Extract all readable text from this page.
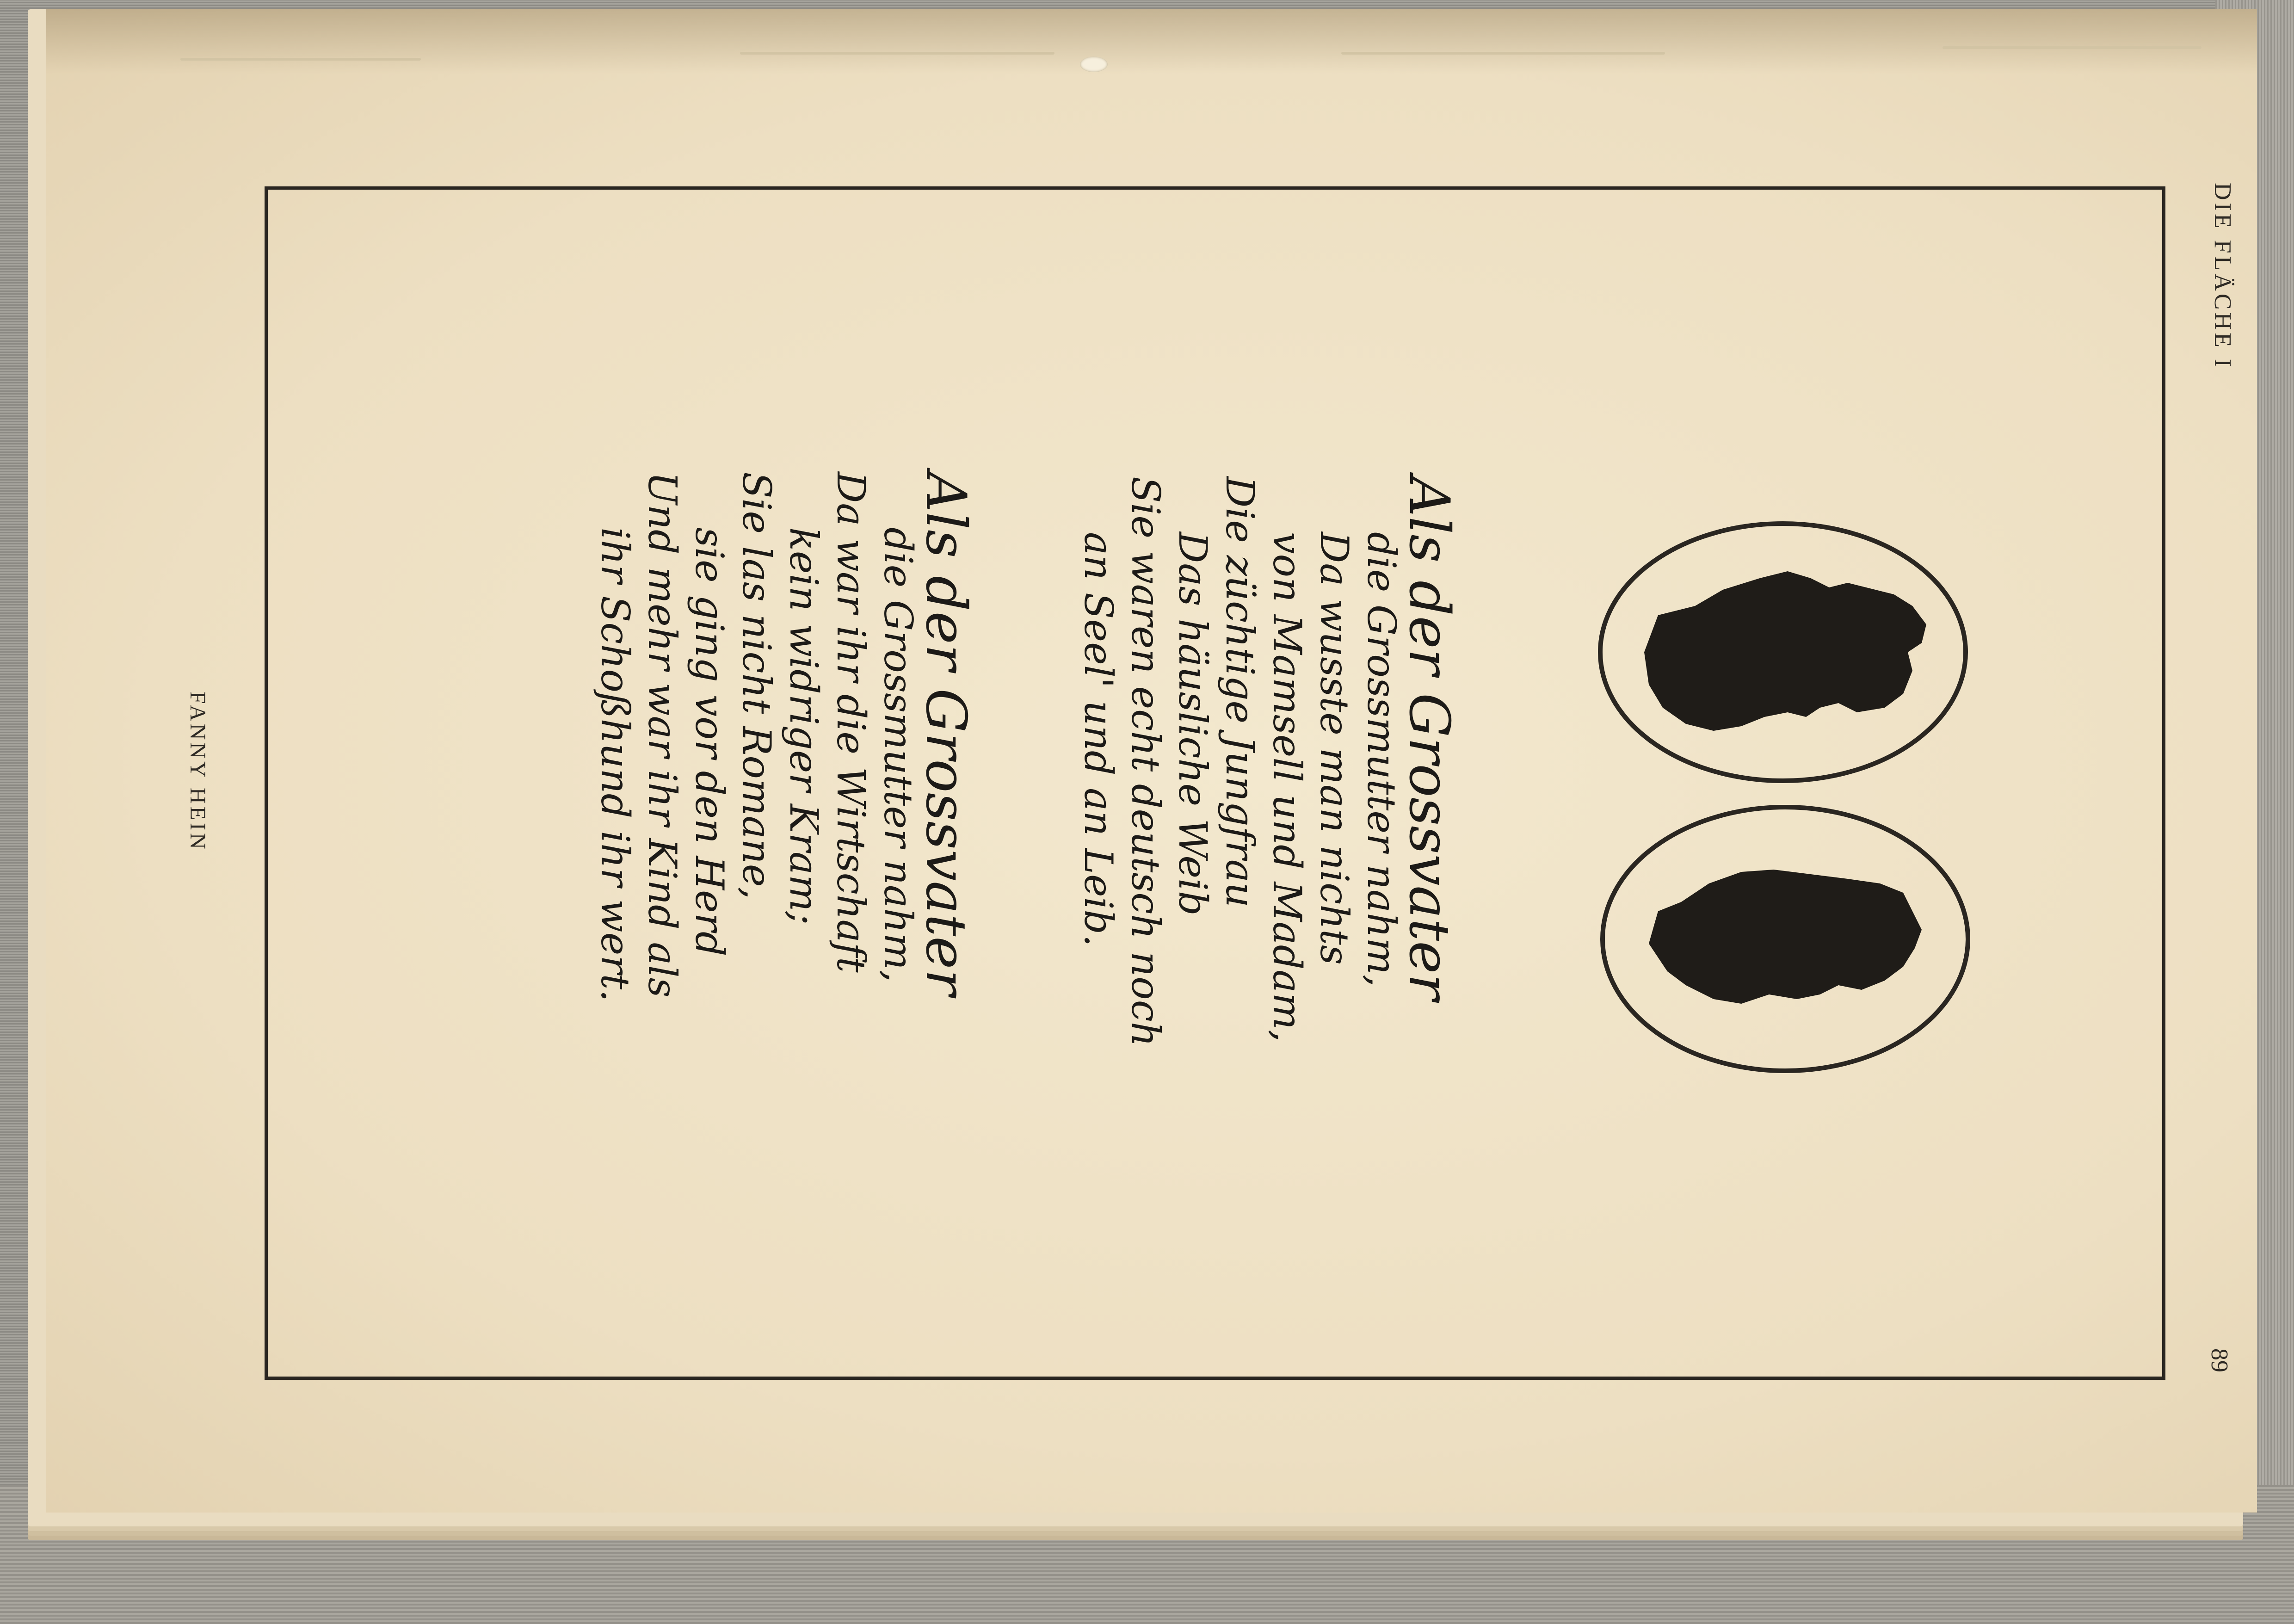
DIE FLÄCHE I
FANNY HEIN
89
Als der Grossvater
die Grossmutter nahm,
Da wusste man nichts
von Mamsell und Madam,
Die züchtige Jungfrau
Das häusliche Weib
Sie waren echt deutsch noch
an Seel' und an Leib.
Als der Grossvater
die Grossmutter nahm,
Da war ihr die Wirtschaft
kein widriger Kram;
Sie las nicht Romane,
sie ging vor den Herd
Und mehr war ihr Kind als
ihr Schoßhund ihr wert.
